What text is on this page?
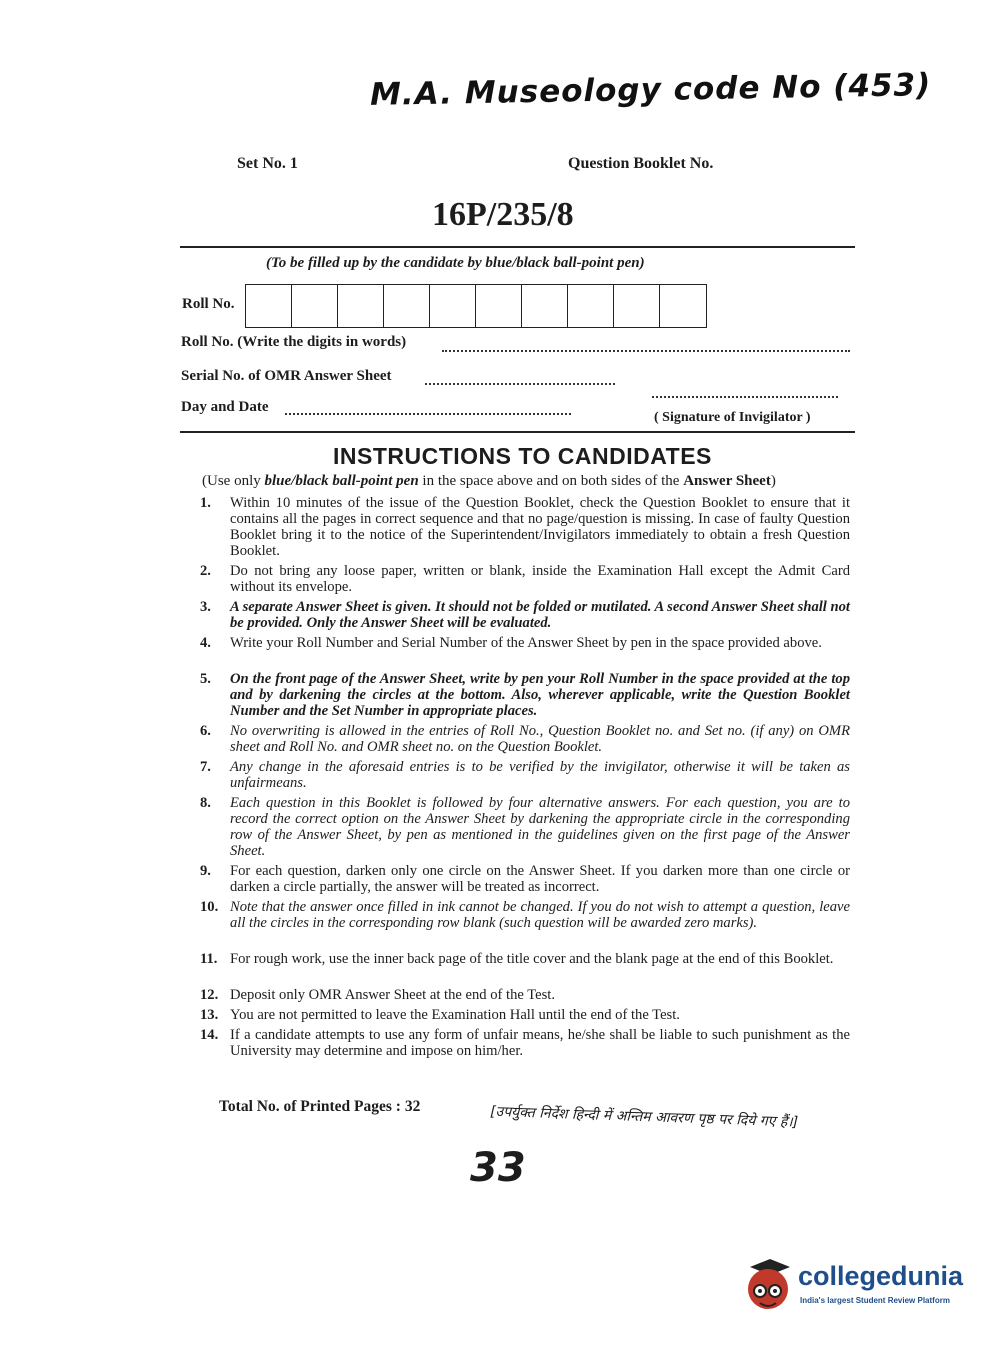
M.A. Museology code No (453)
Set No. 1	Question Booklet No.
16P/235/8
(To be filled up by the candidate by blue/black ball-point pen)
Roll No.
Roll No. (Write the digits in words)
Serial No. of OMR Answer Sheet
Day and Date
( Signature of Invigilator )
INSTRUCTIONS TO CANDIDATES
(Use only blue/black ball-point pen in the space above and on both sides of the Answer Sheet)
1. Within 10 minutes of the issue of the Question Booklet, check the Question Booklet to ensure that it contains all the pages in correct sequence and that no page/question is missing. In case of faulty Question Booklet bring it to the notice of the Superintendent/Invigilators immediately to obtain a fresh Question Booklet.
2. Do not bring any loose paper, written or blank, inside the Examination Hall except the Admit Card without its envelope.
3. A separate Answer Sheet is given. It should not be folded or mutilated. A second Answer Sheet shall not be provided. Only the Answer Sheet will be evaluated.
4. Write your Roll Number and Serial Number of the Answer Sheet by pen in the space provided above.
5. On the front page of the Answer Sheet, write by pen your Roll Number in the space provided at the top and by darkening the circles at the bottom. Also, wherever applicable, write the Question Booklet Number and the Set Number in appropriate places.
6. No overwriting is allowed in the entries of Roll No., Question Booklet no. and Set no. (if any) on OMR sheet and Roll No. and OMR sheet no. on the Question Booklet.
7. Any change in the aforesaid entries is to be verified by the invigilator, otherwise it will be taken as unfairmeans.
8. Each question in this Booklet is followed by four alternative answers. For each question, you are to record the correct option on the Answer Sheet by darkening the appropriate circle in the corresponding row of the Answer Sheet, by pen as mentioned in the guidelines given on the first page of the Answer Sheet.
9. For each question, darken only one circle on the Answer Sheet. If you darken more than one circle or darken a circle partially, the answer will be treated as incorrect.
10. Note that the answer once filled in ink cannot be changed. If you do not wish to attempt a question, leave all the circles in the corresponding row blank (such question will be awarded zero marks).
11. For rough work, use the inner back page of the title cover and the blank page at the end of this Booklet.
12. Deposit only OMR Answer Sheet at the end of the Test.
13. You are not permitted to leave the Examination Hall until the end of the Test.
14. If a candidate attempts to use any form of unfair means, he/she shall be liable to such punishment as the University may determine and impose on him/her.
Total No. of Printed Pages : 32	[उपर्युक्त निर्देश हिन्दी में अन्तिम आवरण पृष्ठ पर दिये गए हैं।]
33
collegedunia
India's largest Student Review Platform
